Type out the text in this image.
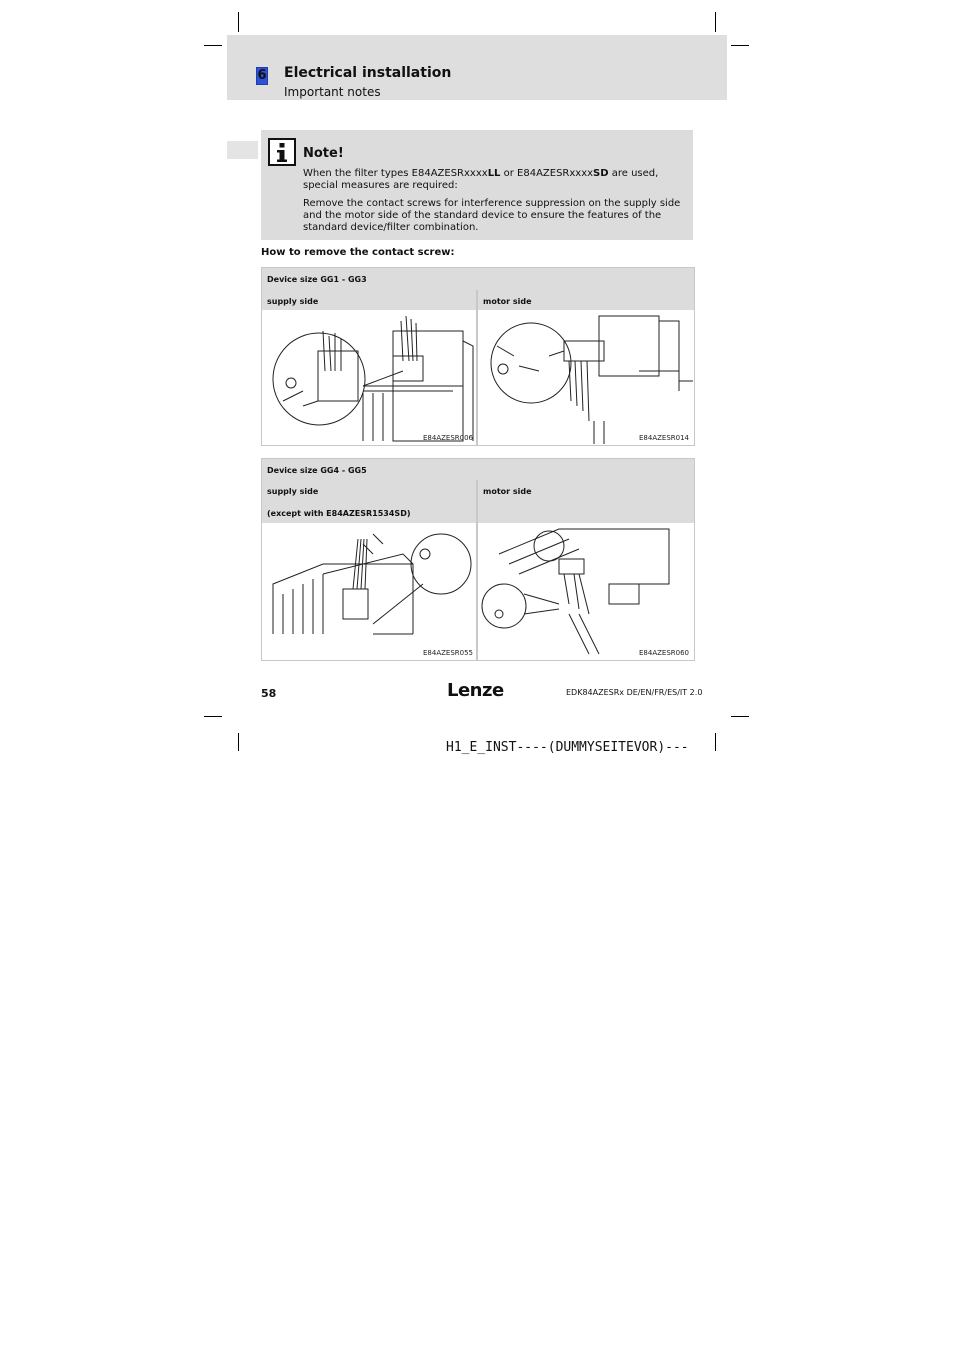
6 Electrical installation
Important notes
Note!
When the filter types E84AZESRxxxxLL or E84AZESRxxxxSD are used, special measures are required:
Remove the contact screws for interference suppression on the supply side and the motor side of the standard device to ensure the features of the standard device/filter combination.
How to remove the contact screw:
Device size GG1 - GG3
supply side	motor side
E84AZESR006	E84AZESR014
Device size GG4 - GG5
supply side
(except with E84AZESR1534SD)
motor side
E84AZESR055	E84AZESR060
58	Lenze	EDK84AZESRx DE/EN/FR/ES/IT 2.0
H1_E_INST----(DUMMYSEITEVOR)---
